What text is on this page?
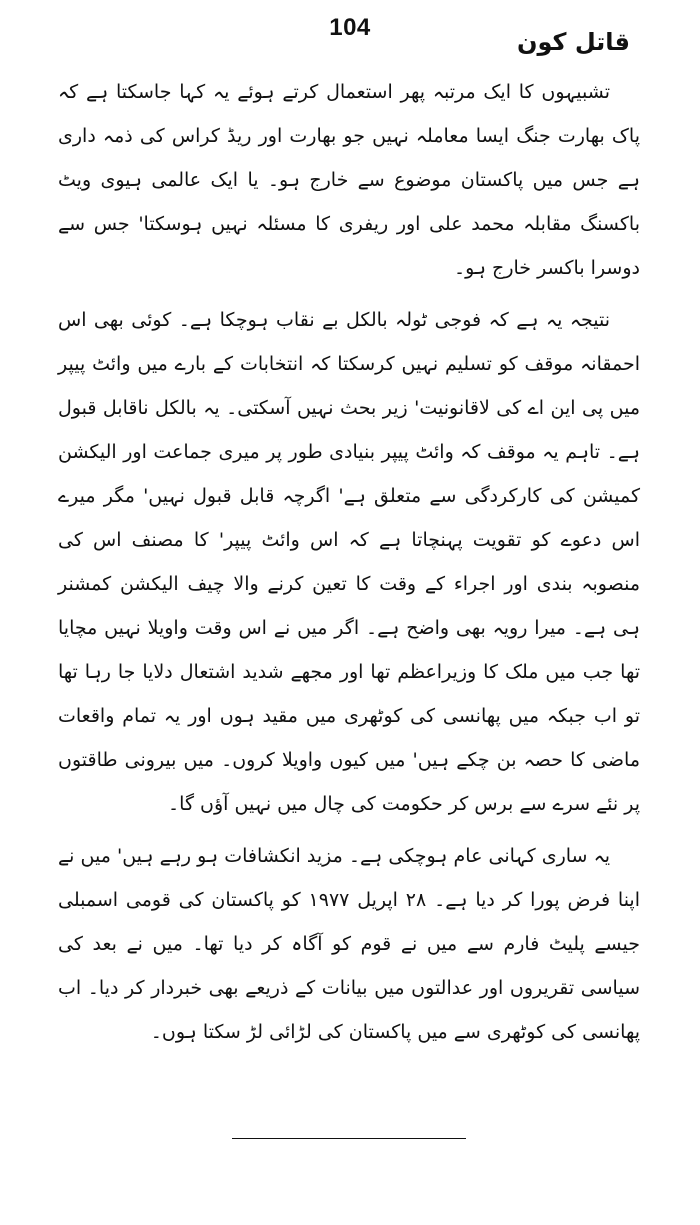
104
قاتل کون

تشبیہوں کا ایک مرتبہ پھر استعمال کرتے ہوئے یہ کہا جاسکتا ہے کہ پاک بھارت جنگ ایسا معاملہ نہیں جو بھارت اور ریڈ کراس کی ذمہ داری ہے جس میں پاکستان موضوع سے خارج ہو۔ یا ایک عالمی ہیوی ویٹ باکسنگ مقابلہ محمد علی اور ریفری کا مسئلہ نہیں ہوسکتا' جس سے دوسرا باکسر خارج ہو۔

نتیجہ یہ ہے کہ فوجی ٹولہ بالکل بے نقاب ہوچکا ہے۔ کوئی بھی اس احمقانہ موقف کو تسلیم نہیں کرسکتا کہ انتخابات کے بارے میں وائٹ پیپر میں پی این اے کی لاقانونیت' زیر بحث نہیں آسکتی۔ یہ بالکل ناقابل قبول ہے۔ تاہم یہ موقف کہ وائٹ پیپر بنیادی طور پر میری جماعت اور الیکشن کمیشن کی کارکردگی سے متعلق ہے' اگرچہ قابل قبول نہیں' مگر میرے اس دعوے کو تقویت پہنچاتا ہے کہ اس وائٹ پیپر' کا مصنف اس کی منصوبہ بندی اور اجراء کے وقت کا تعین کرنے والا چیف الیکشن کمشنر ہی ہے۔ میرا رویہ بھی واضح ہے۔ اگر میں نے اس وقت واویلا نہیں مچایا تھا جب میں ملک کا وزیراعظم تھا اور مجھے شدید اشتعال دلایا جا رہا تھا تو اب جبکہ میں پھانسی کی کوٹھری میں مقید ہوں اور یہ تمام واقعات ماضی کا حصہ بن چکے ہیں' میں کیوں واویلا کروں۔ میں بیرونی طاقتوں پر نئے سرے سے برس کر حکومت کی چال میں نہیں آؤں گا۔

یہ ساری کہانی عام ہوچکی ہے۔ مزید انکشافات ہو رہے ہیں' میں نے اپنا فرض پورا کر دیا ہے۔ ۲۸ اپریل ۱۹۷۷ کو پاکستان کی قومی اسمبلی جیسے پلیٹ فارم سے میں نے قوم کو آگاہ کر دیا تھا۔ میں نے بعد کی سیاسی تقریروں اور عدالتوں میں بیانات کے ذریعے بھی خبردار کر دیا۔ اب پھانسی کی کوٹھری سے میں پاکستان کی لڑائی لڑ سکتا ہوں۔
